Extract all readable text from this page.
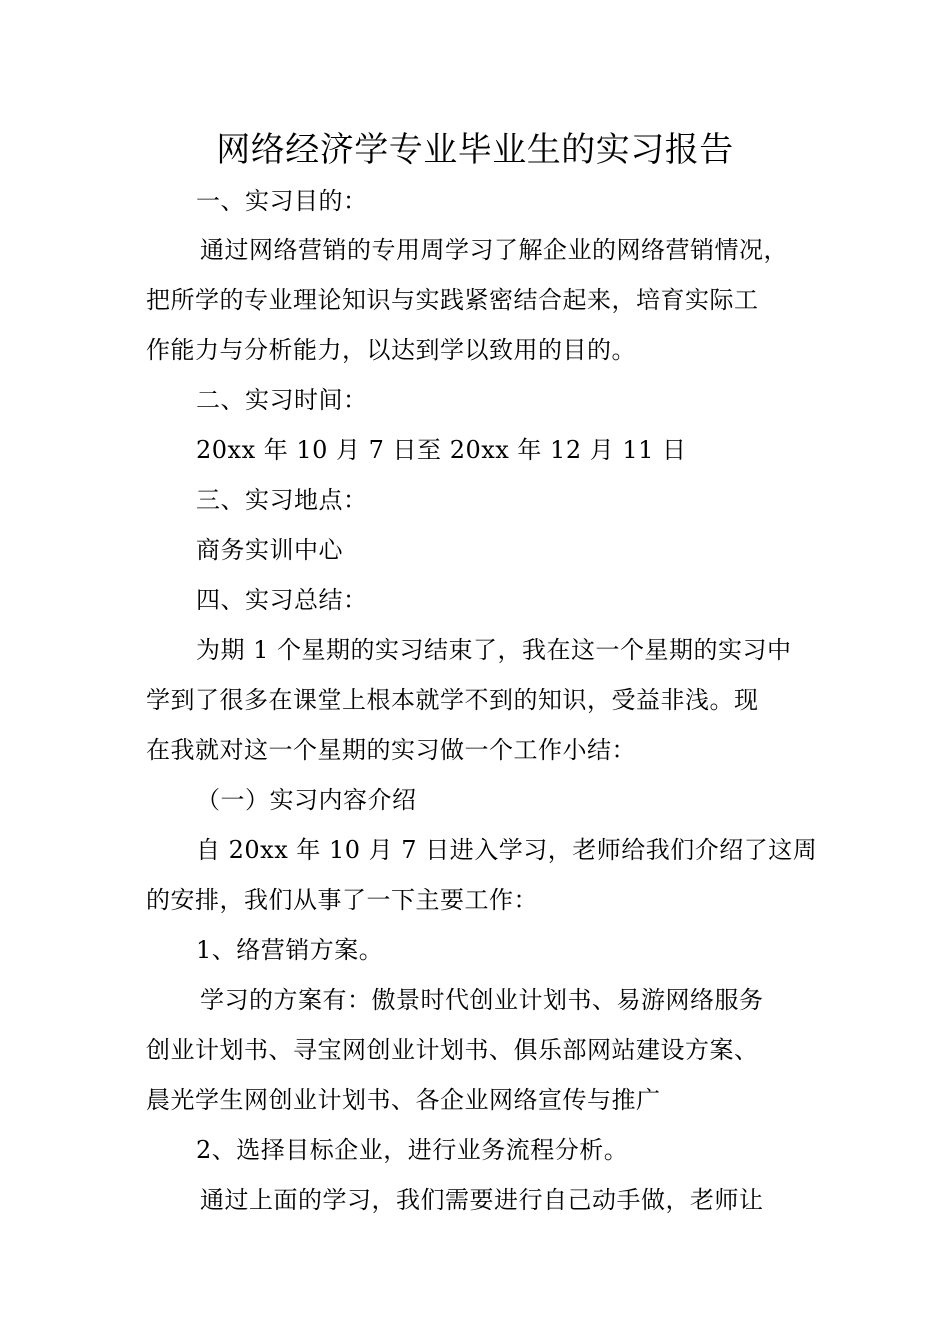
网络经济学专业毕业生的实习报告
一、实习目的：
通过网络营销的专用周学习了解企业的网络营销情况，
把所学的专业理论知识与实践紧密结合起来，培育实际工
作能力与分析能力，以达到学以致用的目的。
二、实习时间：
20xx 年 10 月 7 日至 20xx 年 12 月 11 日
三、实习地点：
商务实训中心
四、实习总结：
为期 1 个星期的实习结束了，我在这一个星期的实习中
学到了很多在课堂上根本就学不到的知识，受益非浅。现
在我就对这一个星期的实习做一个工作小结：
（一）实习内容介绍
自 20xx 年 10 月 7 日进入学习，老师给我们介绍了这周
的安排，我们从事了一下主要工作：
1、络营销方案。
学习的方案有：傲景时代创业计划书、易游网络服务
创业计划书、寻宝网创业计划书、俱乐部网站建设方案、
晨光学生网创业计划书、各企业网络宣传与推广
2、选择目标企业，进行业务流程分析。
通过上面的学习，我们需要进行自己动手做，老师让
